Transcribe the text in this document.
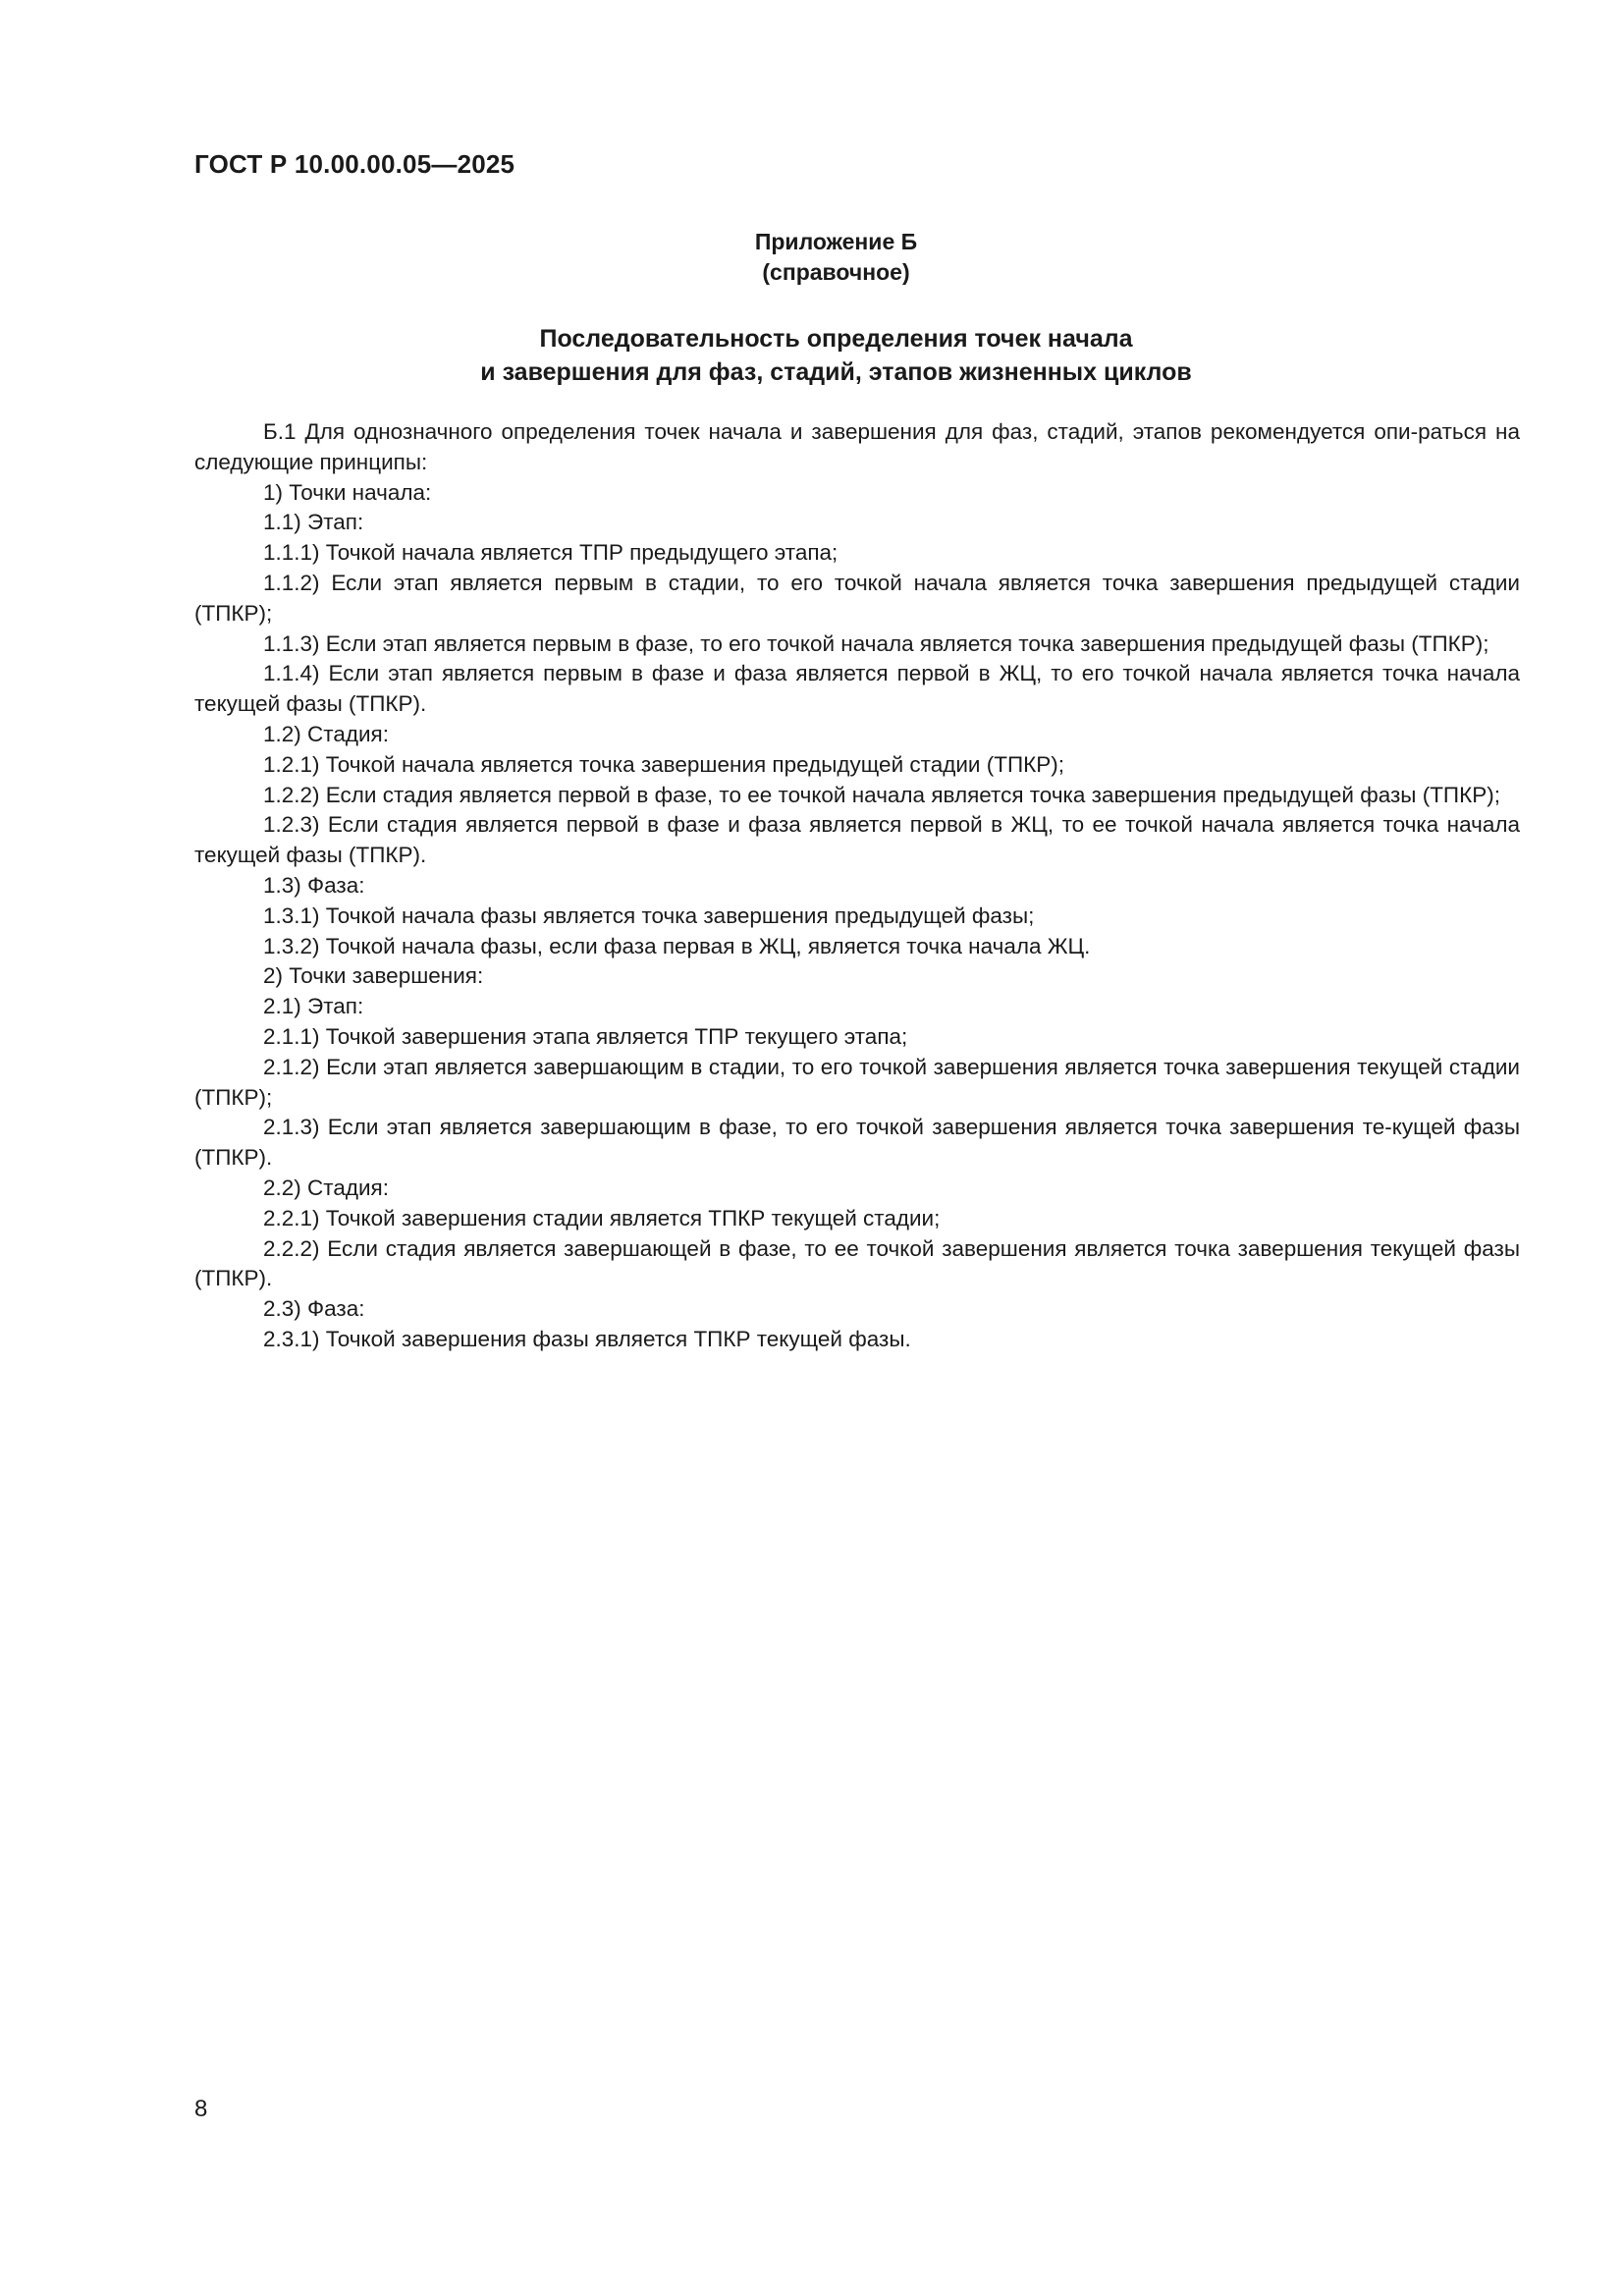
ГОСТ Р 10.00.00.05—2025
Приложение Б
(справочное)
Последовательность определения точек начала
и завершения для фаз, стадий, этапов жизненных циклов

Б.1 Для однозначного определения точек начала и завершения для фаз, стадий, этапов рекомендуется опи-ратьcя на следующие принципы:

1) Точки начала:

1.1) Этап:

1.1.1) Точкой начала является ТПР предыдущего этапа;

1.1.2) Если этап является первым в стадии, то его точкой начала является точка завершения предыдущей стадии (ТПКР);

1.1.3) Если этап является первым в фазе, то его точкой начала является точка завершения предыдущей фазы (ТПКР);

1.1.4) Если этап является первым в фазе и фаза является первой в ЖЦ, то его точкой начала является точка начала текущей фазы (ТПКР).

1.2) Стадия:

1.2.1) Точкой начала является точка завершения предыдущей стадии (ТПКР);

1.2.2) Если стадия является первой в фазе, то ее точкой начала является точка завершения предыдущей фазы (ТПКР);

1.2.3) Если стадия является первой в фазе и фаза является первой в ЖЦ, то ее точкой начала является точка начала текущей фазы (ТПКР).

1.3) Фаза:

1.3.1) Точкой начала фазы является точка завершения предыдущей фазы;

1.3.2) Точкой начала фазы, если фаза первая в ЖЦ, является точка начала ЖЦ.

2) Точки завершения:

2.1) Этап:

2.1.1) Точкой завершения этапа является ТПР текущего этапа;

2.1.2) Если этап является завершающим в стадии, то его точкой завершения является точка завершения текущей стадии (ТПКР);

2.1.3) Если этап является завершающим в фазе, то его точкой завершения является точка завершения те-кущей фазы (ТПКР).

2.2) Стадия:

2.2.1) Точкой завершения стадии является ТПКР текущей стадии;

2.2.2) Если стадия является завершающей в фазе, то ее точкой завершения является точка завершения текущей фазы (ТПКР).

2.3) Фаза:

2.3.1) Точкой завершения фазы является ТПКР текущей фазы.

8
